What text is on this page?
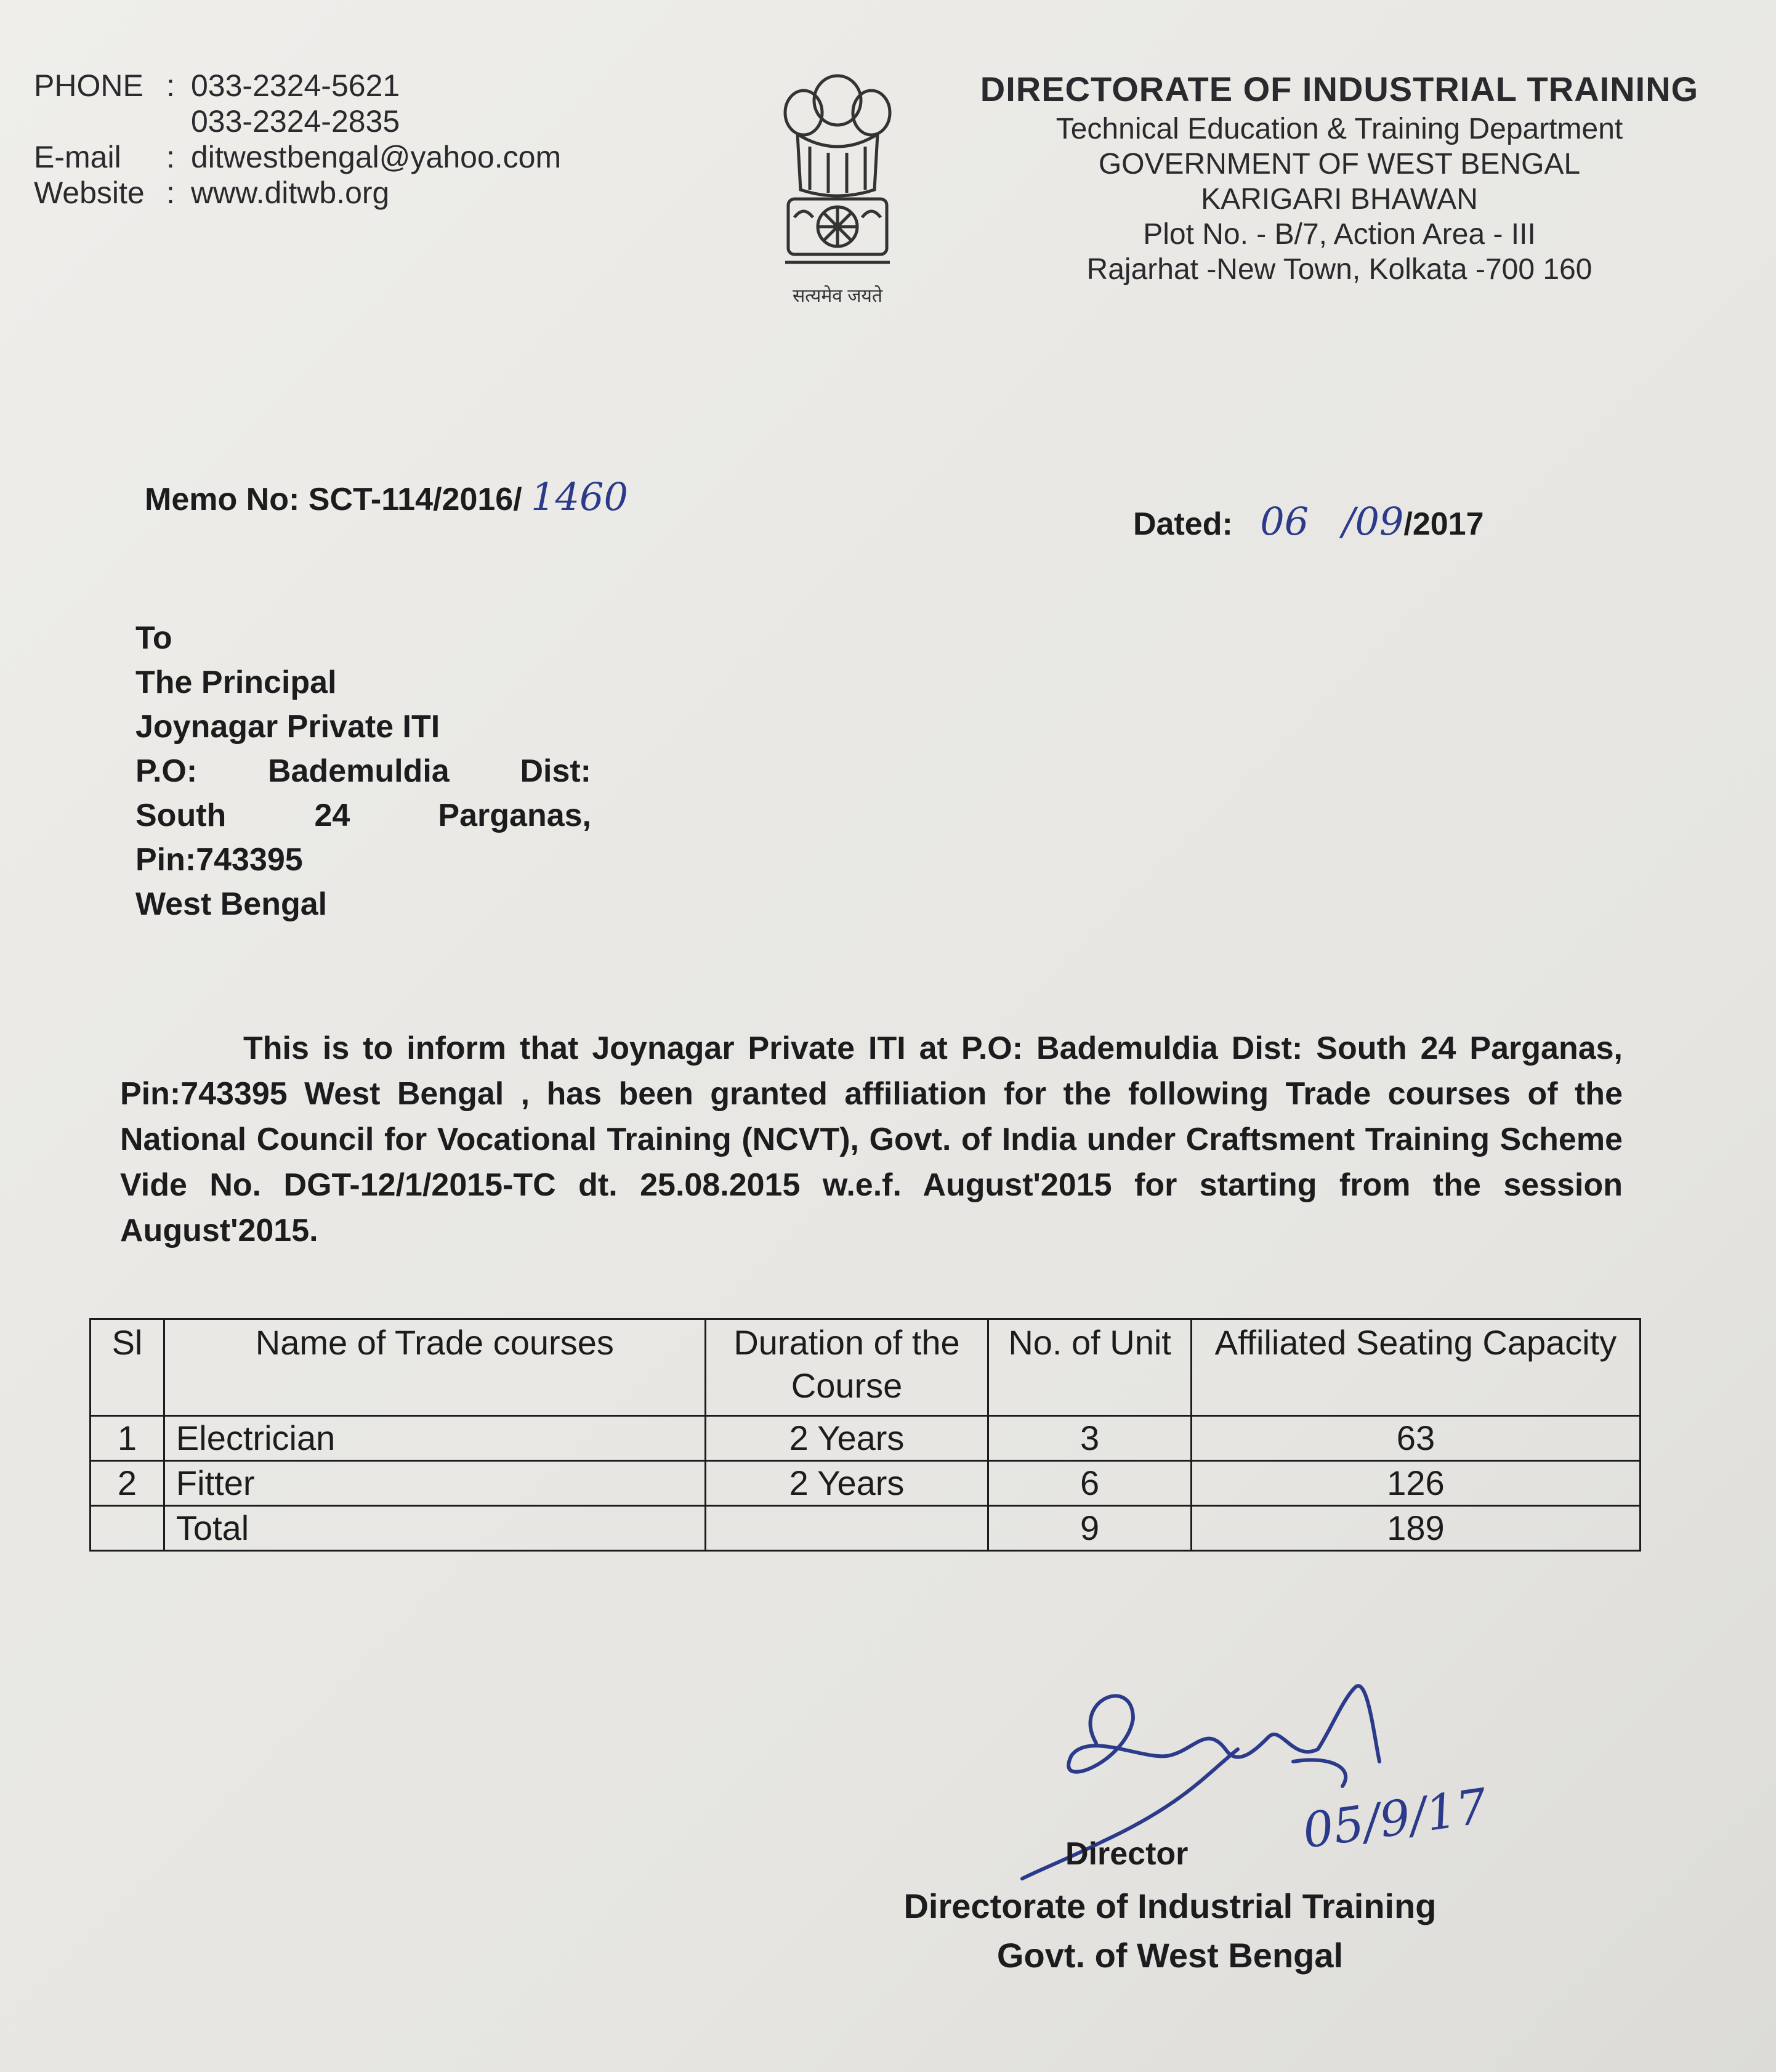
PHONE : 033-2324-5621
033-2324-2835
E-mail	: ditwestbengal@yahoo.com
Website : www.ditwb.org
सत्यमेव जयते
DIRECTORATE OF INDUSTRIAL TRAINING
Technical Education & Training Department
GOVERNMENT OF WEST BENGAL
KARIGARI BHAWAN
Plot No. - B/7, Action Area - III
Rajarhat -New Town, Kolkata -700 160
Memo No: SCT-114/2016/ 1460
Dated: 06 /09/2017
To
The Principal
Joynagar Private ITI
P.O: Bademuldia Dist:
South	24	Parganas,
Pin:743395
West Bengal
This is to inform that Joynagar Private ITI at P.O: Bademuldia Dist: South 24 Parganas, Pin:743395 West Bengal , has been granted affiliation for the following Trade courses of the National Council for Vocational Training (NCVT), Govt. of India under Craftsment Training Scheme Vide No. DGT-12/1/2015-TC dt. 25.08.2015 w.e.f. August'2015 for starting from the session August'2015.
Sl	Name of Trade courses	Duration of the Course	No. of Unit	Affiliated Seating Capacity
1	Electrician	2 Years	3	63
2	Fitter	2 Years	6	126
	Total		9	189
05/9/17
Director
Directorate of Industrial Training
Govt. of West Bengal
